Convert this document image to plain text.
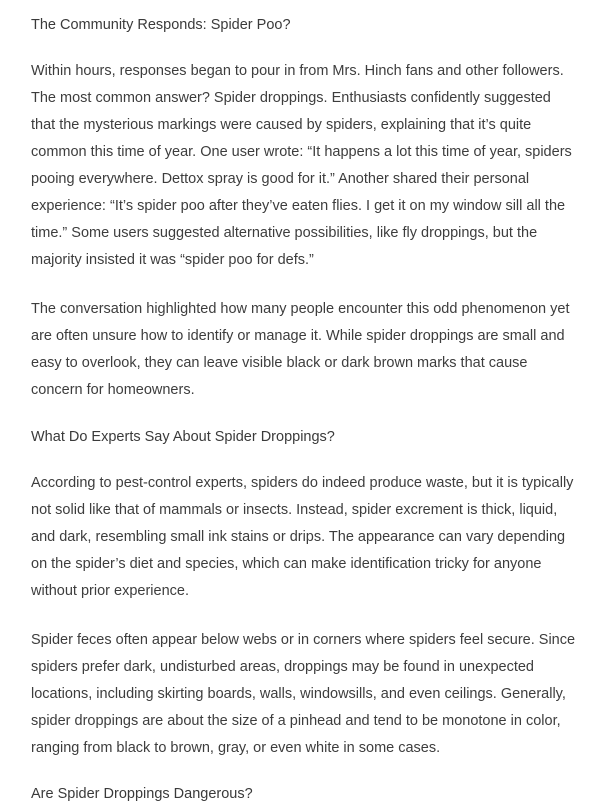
The Community Responds: Spider Poo?

Within hours, responses began to pour in from Mrs. Hinch fans and other followers. The most common answer? Spider droppings. Enthusiasts confidently suggested that the mysterious markings were caused by spiders, explaining that it’s quite common this time of year. One user wrote: “It happens a lot this time of year, spiders pooing everywhere. Dettox spray is good for it.” Another shared their personal experience: “It’s spider poo after they’ve eaten flies. I get it on my window sill all the time.” Some users suggested alternative possibilities, like fly droppings, but the majority insisted it was “spider poo for defs.”

The conversation highlighted how many people encounter this odd phenomenon yet are often unsure how to identify or manage it. While spider droppings are small and easy to overlook, they can leave visible black or dark brown marks that cause concern for homeowners.

What Do Experts Say About Spider Droppings?

According to pest-control experts, spiders do indeed produce waste, but it is typically not solid like that of mammals or insects. Instead, spider excrement is thick, liquid, and dark, resembling small ink stains or drips. The appearance can vary depending on the spider’s diet and species, which can make identification tricky for anyone without prior experience.

Spider feces often appear below webs or in corners where spiders feel secure. Since spiders prefer dark, undisturbed areas, droppings may be found in unexpected locations, including skirting boards, walls, windowsills, and even ceilings. Generally, spider droppings are about the size of a pinhead and tend to be monotone in color, ranging from black to brown, gray, or even white in some cases.

Are Spider Droppings Dangerous?
